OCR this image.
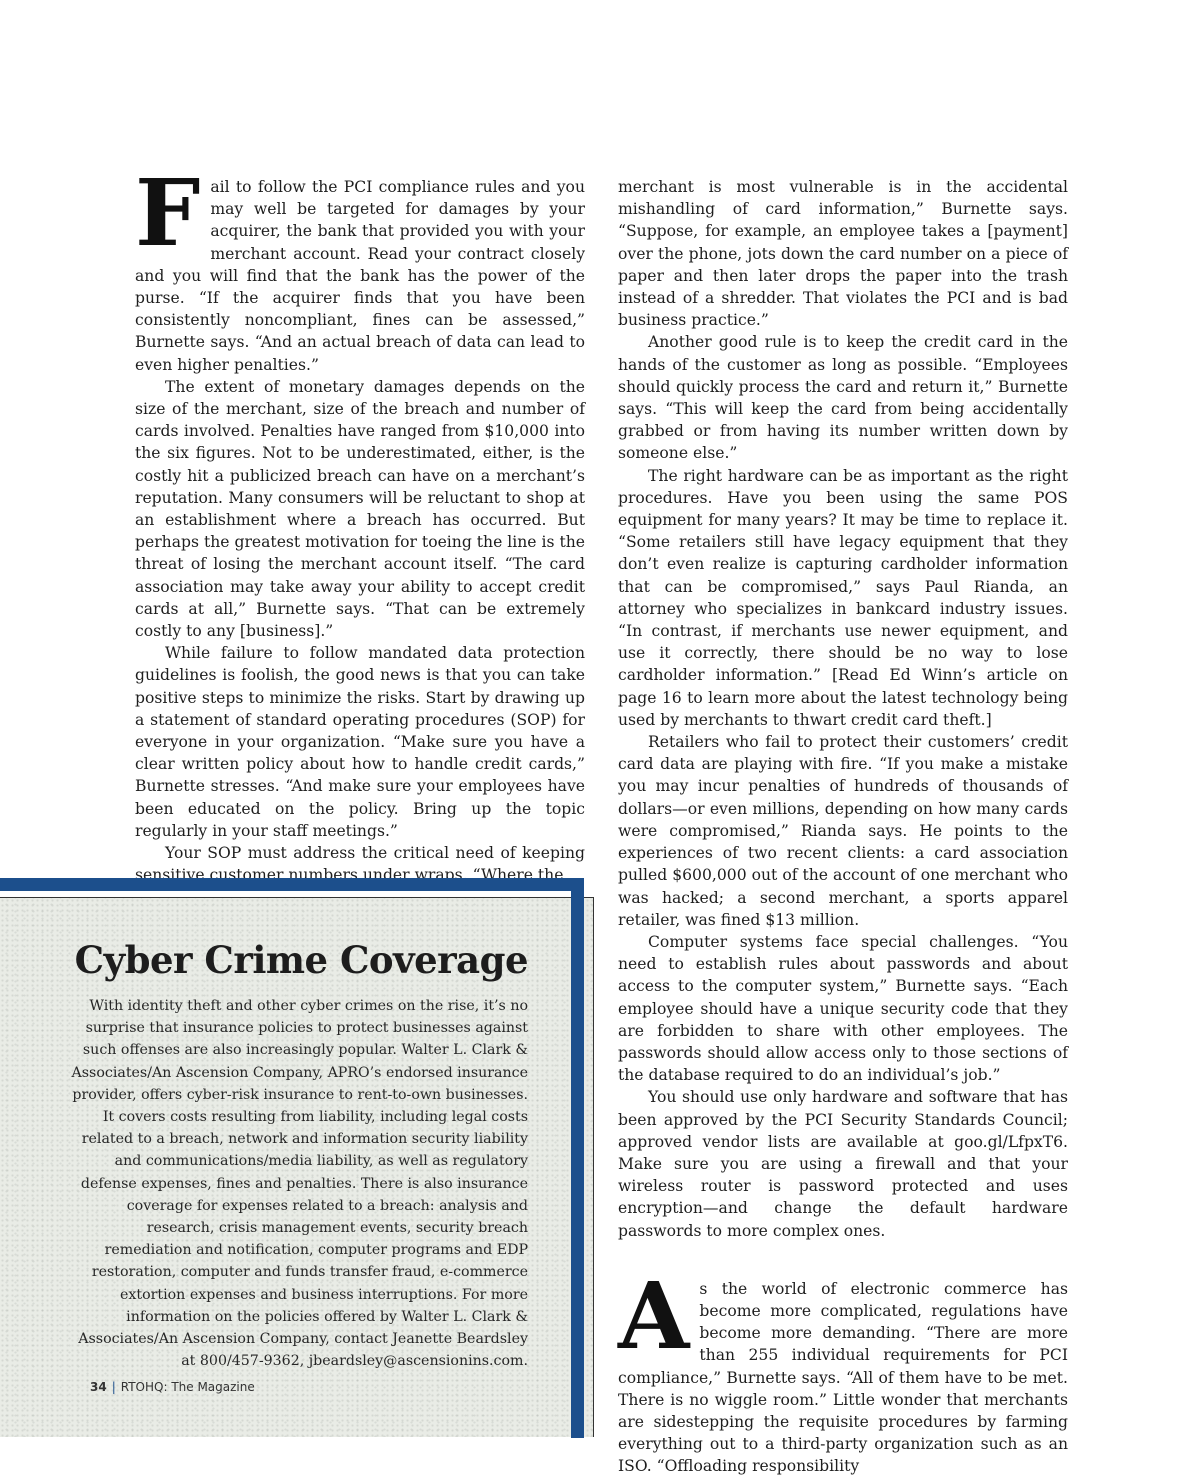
F ail to follow the PCI compliance rules and you may well be targeted for damages by your acquirer, the bank that provided you with your merchant account. Read your contract closely and you will find that the bank has the power of the purse. “If the acquirer finds that you have been consistently noncompliant, fines can be assessed,” Burnette says. “And an actual breach of data can lead to even higher penalties.”

The extent of monetary damages depends on the size of the merchant, size of the breach and number of cards involved. Penalties have ranged from $10,000 into the six figures. Not to be underestimated, either, is the costly hit a publicized breach can have on a merchant’s reputation. Many consumers will be reluctant to shop at an establishment where a breach has occurred. But perhaps the greatest motivation for toeing the line is the threat of losing the merchant account itself. “The card association may take away your ability to accept credit cards at all,” Burnette says. “That can be extremely costly to any [business].”

While failure to follow mandated data protection guidelines is foolish, the good news is that you can take positive steps to minimize the risks. Start by drawing up a statement of standard operating procedures (SOP) for everyone in your organization. “Make sure you have a clear written policy about how to handle credit cards,” Burnette stresses. “And make sure your employees have been educated on the policy. Bring up the topic regularly in your staff meetings.”

Your SOP must address the critical need of keeping sensitive customer numbers under wraps. “Where the

merchant is most vulnerable is in the accidental mishandling of card information,” Burnette says. “Suppose, for example, an employee takes a [payment] over the phone, jots down the card number on a piece of paper and then later drops the paper into the trash instead of a shredder. That violates the PCI and is bad business practice.”

Another good rule is to keep the credit card in the hands of the customer as long as possible. “Employees should quickly process the card and return it,” Burnette says. “This will keep the card from being accidentally grabbed or from having its number written down by someone else.”

The right hardware can be as important as the right procedures. Have you been using the same POS equipment for many years? It may be time to replace it. “Some retailers still have legacy equipment that they don’t even realize is capturing cardholder information that can be compromised,” says Paul Rianda, an attorney who specializes in bankcard industry issues. “In contrast, if merchants use newer equipment, and use it correctly, there should be no way to lose cardholder information.” [Read Ed Winn’s article on page 16 to learn more about the latest technology being used by merchants to thwart credit card theft.]

Retailers who fail to protect their customers’ credit card data are playing with fire. “If you make a mistake you may incur penalties of hundreds of thousands of dollars—or even millions, depending on how many cards were compromised,” Rianda says. He points to the experiences of two recent clients: a card association pulled $600,000 out of the account of one merchant who was hacked; a second merchant, a sports apparel retailer, was fined $13 million.

Computer systems face special challenges. “You need to establish rules about passwords and about access to the computer system,” Burnette says. “Each employee should have a unique security code that they are forbidden to share with other employees. The passwords should allow access only to those sections of the database required to do an individual’s job.”

You should use only hardware and software that has been approved by the PCI Security Standards Council; approved vendor lists are available at goo.gl/LfpxT6. Make sure you are using a firewall and that your wireless router is password protected and uses encryption—and change the default hardware passwords to more complex ones.

A s the world of electronic commerce has become more complicated, regulations have become more demanding. “There are more than 255 individual requirements for PCI compliance,” Burnette says. “All of them have to be met. There is no wiggle room.” Little wonder that merchants are sidestepping the requisite procedures by farming everything out to a third-party organization such as an ISO. “Offloading responsibility

Cyber Crime Coverage

With identity theft and other cyber crimes on the rise, it’s no surprise that insurance policies to protect businesses against such offenses are also increasingly popular. Walter L. Clark & Associates/An Ascension Company, APRO’s endorsed insurance provider, offers cyber-risk insurance to rent-to-own businesses. It covers costs resulting from liability, including legal costs related to a breach, network and information security liability and communications/media liability, as well as regulatory defense expenses, fines and penalties. There is also insurance coverage for expenses related to a breach: analysis and research, crisis management events, security breach remediation and notification, computer programs and EDP restoration, computer and funds transfer fraud, e-commerce extortion expenses and business interruptions. For more information on the policies offered by Walter L. Clark & Associates/An Ascension Company, contact Jeanette Beardsley at 800/457-9362, jbeardsley@ascensionins.com.

34 | RTOHQ: The Magazine
